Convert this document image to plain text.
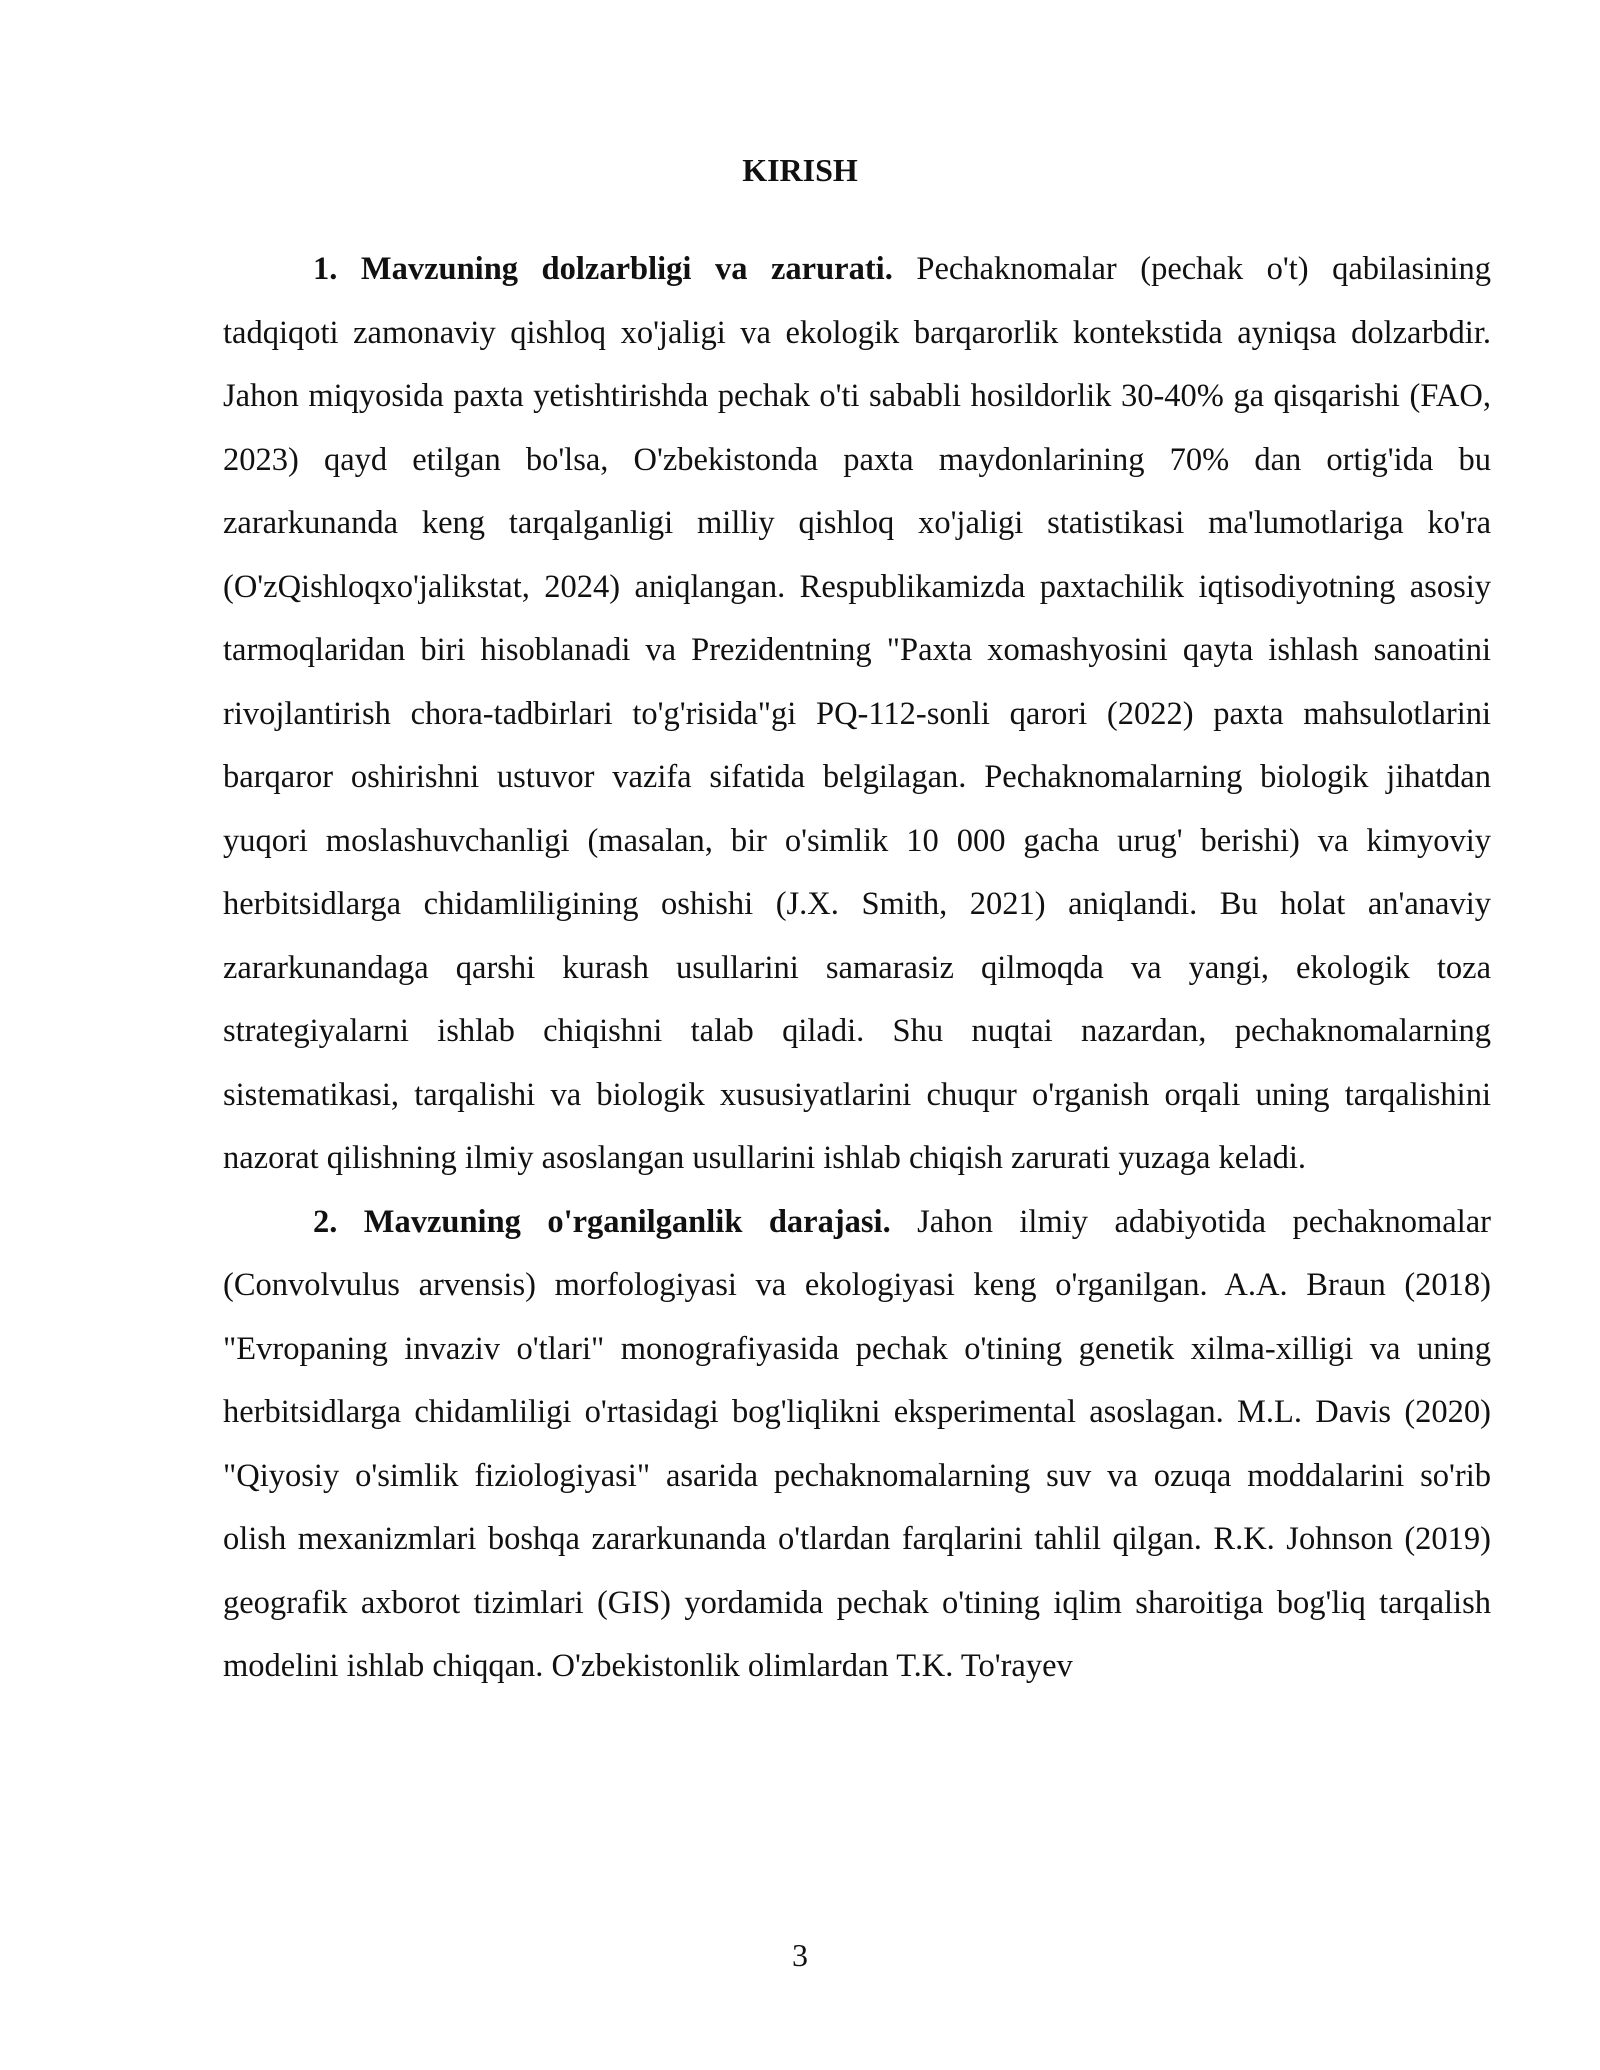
KIRISH

1. Mavzuning dolzarbligi va zarurati. Pechaknomalar (pechak o't) qabilasining tadqiqoti zamonaviy qishloq xo'jaligi va ekologik barqarorlik kontekstida ayniqsa dolzarbdir. Jahon miqyosida paxta yetishtirishda pechak o'ti sababli hosildorlik 30-40% ga qisqarishi (FAO, 2023) qayd etilgan bo'lsa, O'zbekistonda paxta maydonlarining 70% dan ortig'ida bu zararkunanda keng tarqalganligi milliy qishloq xo'jaligi statistikasi ma'lumotlariga ko'ra (O'zQishloqxo'jalikstat, 2024) aniqlangan. Respublikamizda paxtachilik iqtisodiyotning asosiy tarmoqlaridan biri hisoblanadi va Prezidentning "Paxta xomashyosini qayta ishlash sanoatini rivojlantirish chora-tadbirlari to'g'risida"gi PQ-112-sonli qarori (2022) paxta mahsulotlarini barqaror oshirishni ustuvor vazifa sifatida belgilagan. Pechaknomalarning biologik jihatdan yuqori moslashuvchanligi (masalan, bir o'simlik 10 000 gacha urug' berishi) va kimyoviy herbitsidlarga chidamliligining oshishi (J.X. Smith, 2021) aniqlandi. Bu holat an'anaviy zararkunandaga qarshi kurash usullarini samarasiz qilmoqda va yangi, ekologik toza strategiyalarni ishlab chiqishni talab qiladi. Shu nuqtai nazardan, pechaknomalarning sistematikasi, tarqalishi va biologik xususiyatlarini chuqur o'rganish orqali uning tarqalishini nazorat qilishning ilmiy asoslangan usullarini ishlab chiqish zarurati yuzaga keladi.

2. Mavzuning o'rganilganlik darajasi. Jahon ilmiy adabiyotida pechaknomalar (Convolvulus arvensis) morfologiyasi va ekologiyasi keng o'rganilgan. A.A. Braun (2018) "Evropaning invaziv o'tlari" monografiyasida pechak o'tining genetik xilma-xilligi va uning herbitsidlarga chidamliligi o'rtasidagi bog'liqlikni eksperimental asoslagan. M.L. Davis (2020) "Qiyosiy o'simlik fiziologiyasi" asarida pechaknomalarning suv va ozuqa moddalarini so'rib olish mexanizmlari boshqa zararkunanda o'tlardan farqlarini tahlil qilgan. R.K. Johnson (2019) geografik axborot tizimlari (GIS) yordamida pechak o'tining iqlim sharoitiga bog'liq tarqalish modelini ishlab chiqqan. O'zbekistonlik olimlardan T.K. To'rayev

3
